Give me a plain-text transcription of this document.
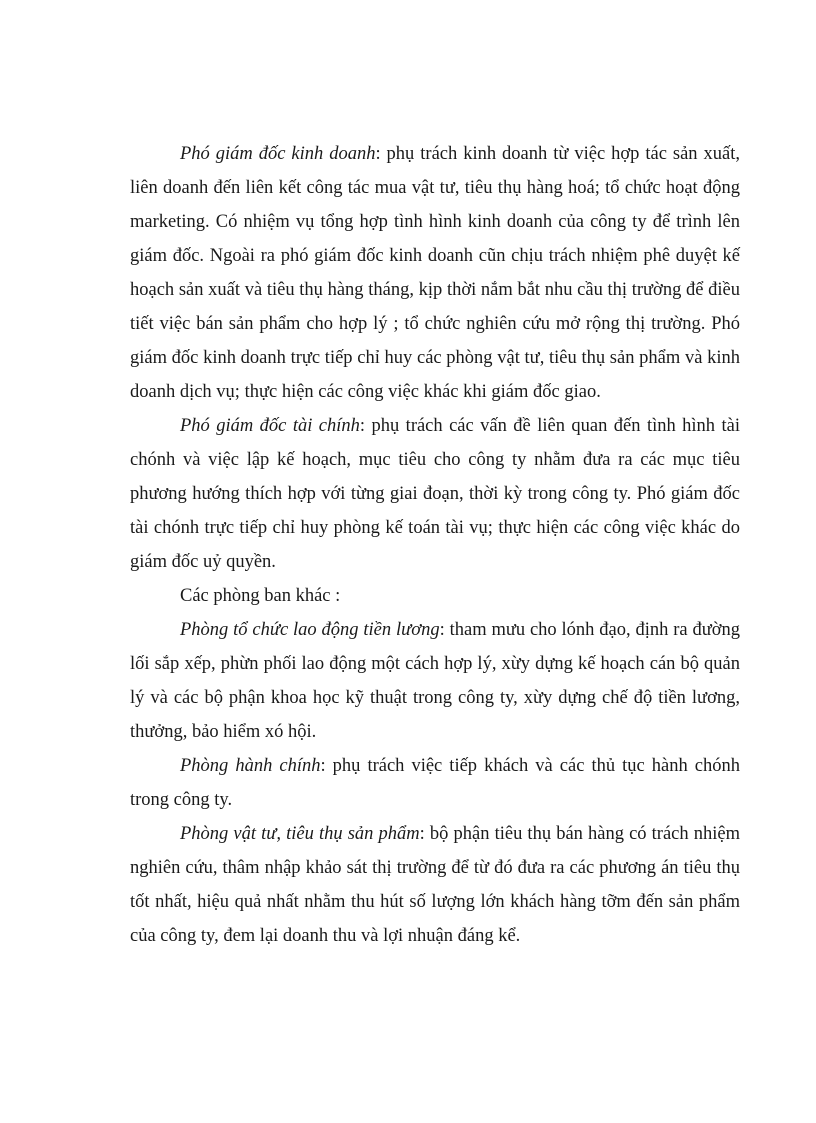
Phó giám đốc kinh doanh: phụ trách kinh doanh từ việc hợp tác sản xuất, liên doanh đến liên kết công tác mua vật tư, tiêu thụ hàng hoá; tổ chức hoạt động marketing. Có nhiệm vụ tổng hợp tình hình kinh doanh của công ty để trình lên giám đốc. Ngoài ra phó giám đốc kinh doanh cũn chịu trách nhiệm phê duyệt kế hoạch sản xuất và tiêu thụ hàng tháng, kịp thời nắm bắt nhu cầu thị trường để điều tiết việc bán sản phẩm cho hợp lý ; tổ chức nghiên cứu mở rộng thị trường. Phó giám đốc kinh doanh trực tiếp chỉ huy các phòng vật tư, tiêu thụ sản phẩm và kinh doanh dịch vụ; thực hiện các công việc khác khi giám đốc giao.

Phó giám đốc tài chính: phụ trách các vấn đề liên quan đến tình hình tài chónh và việc lập kế hoạch, mục tiêu cho công ty nhằm đưa ra các mục tiêu phương hướng thích hợp với từng giai đoạn, thời kỳ trong công ty. Phó giám đốc tài chónh trực tiếp chỉ huy phòng kế toán tài vụ; thực hiện các công việc khác do giám đốc uỷ quyền.

Các phòng ban khác :

Phòng tổ chức lao động tiền lương: tham mưu cho lónh đạo, định ra đường lối sắp xếp, phừn phối lao động một cách hợp lý, xừy dựng kế hoạch cán bộ quản lý và các bộ phận khoa học kỹ thuật trong công ty, xừy dựng chế độ tiền lương, thưởng, bảo hiểm xó hội.

Phòng hành chính: phụ trách việc tiếp khách và các thủ tục hành chónh trong công ty.

Phòng vật tư, tiêu thụ sản phẩm: bộ phận tiêu thụ bán hàng có trách nhiệm nghiên cứu, thâm nhập khảo sát thị trường để từ đó đưa ra các phương án tiêu thụ tốt nhất, hiệu quả nhất nhằm thu hút số lượng lớn khách hàng tỡm đến sản phẩm của công ty, đem lại doanh thu và lợi nhuận đáng kể.
